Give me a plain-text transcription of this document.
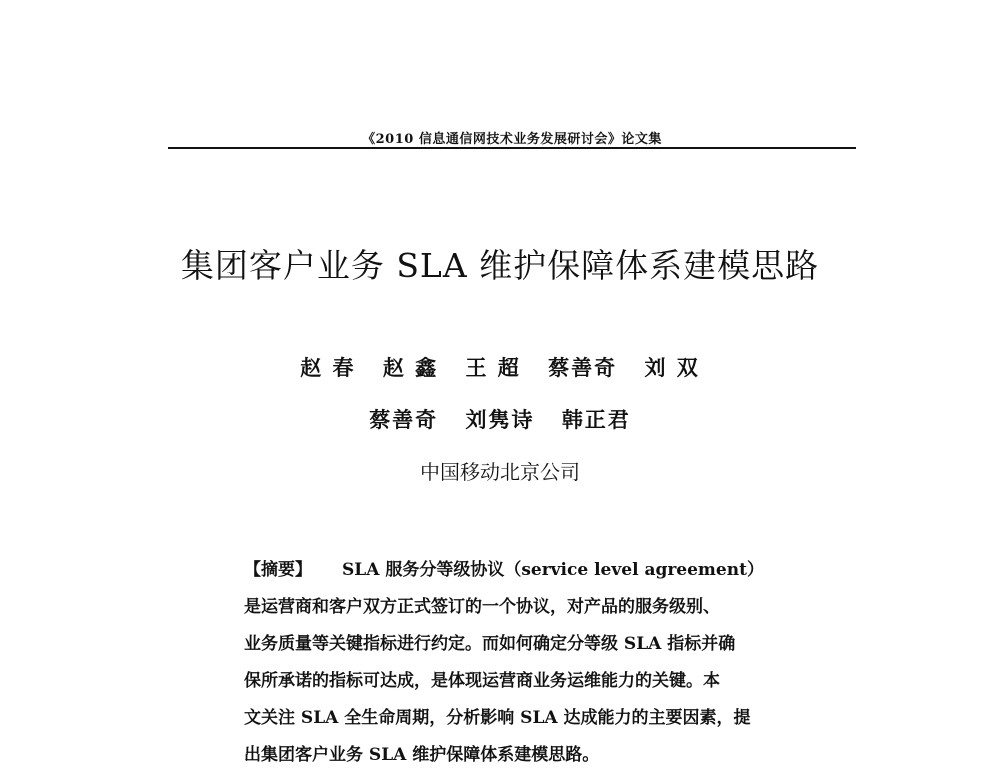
《2010 信息通信网技术业务发展研讨会》论文集
集团客户业务 SLA 维护保障体系建模思路
赵 春 赵 鑫 王 超 蔡善奇 刘 双
蔡善奇 刘隽诗 韩正君
中国移动北京公司
【摘要】 SLA 服务分等级协议（service level agreement）
是运营商和客户双方正式签订的一个协议，对产品的服务级别、
业务质量等关键指标进行约定。而如何确定分等级 SLA 指标并确
保所承诺的指标可达成，是体现运营商业务运维能力的关键。本
文关注 SLA 全生命周期，分析影响 SLA 达成能力的主要因素，提
出集团客户业务 SLA 维护保障体系建模思路。
